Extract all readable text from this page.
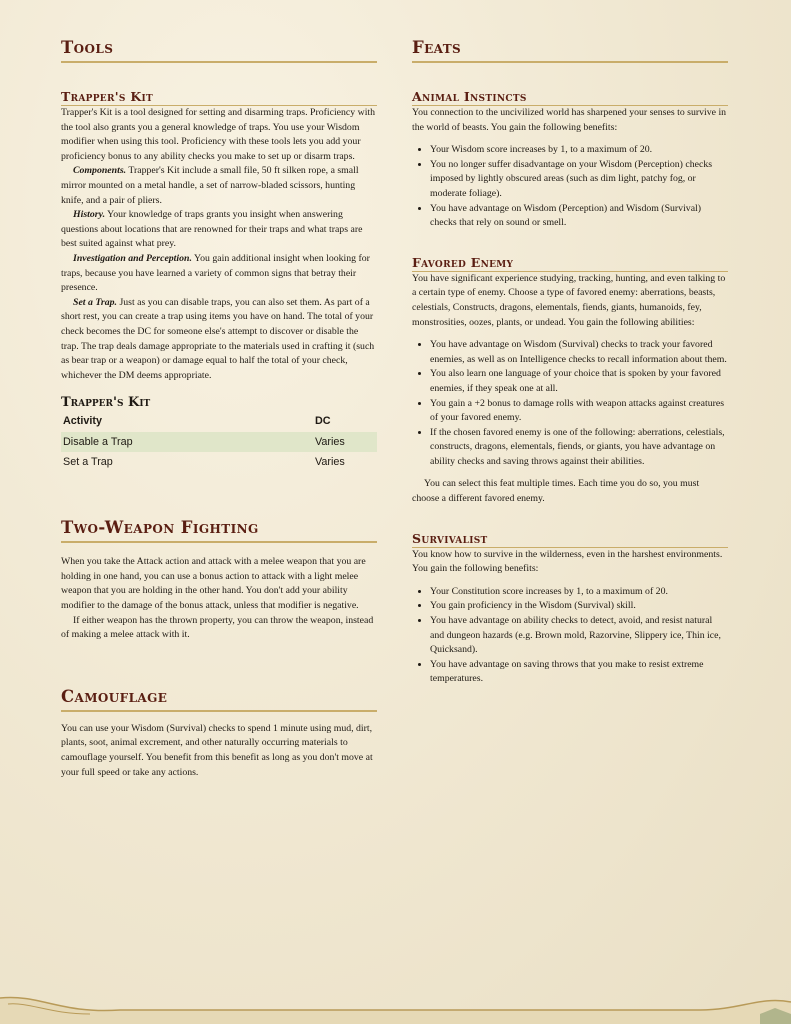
Tools
Trapper's Kit

Trapper's Kit is a tool designed for setting and disarming traps. Proficiency with the tool also grants you a general knowledge of traps. You use your Wisdom modifier when using this tool. Proficiency with these tools lets you add your proficiency bonus to any ability checks you make to set up or disarm traps.

Components. Trapper's Kit include a small file, 50 ft silken rope, a small mirror mounted on a metal handle, a set of narrow-bladed scissors, hunting knife, and a pair of pliers.

History. Your knowledge of traps grants you insight when answering questions about locations that are renowned for their traps and what traps are best suited against what prey.

Investigation and Perception. You gain additional insight when looking for traps, because you have learned a variety of common signs that betray their presence.

Set a Trap. Just as you can disable traps, you can also set them. As part of a short rest, you can create a trap using items you have on hand. The total of your check becomes the DC for someone else's attempt to discover or disable the trap. The trap deals damage appropriate to the materials used in crafting it (such as bear trap or a weapon) or damage equal to half the total of your check, whichever the DM deems appropriate.

Trapper's Kit
Activity	DC
Disable a Trap	Varies
Set a Trap	Varies
Two-Weapon Fighting

When you take the Attack action and attack with a melee weapon that you are holding in one hand, you can use a bonus action to attack with a light melee weapon that you are holding in the other hand. You don't add your ability modifier to the damage of the bonus attack, unless that modifier is negative.

If either weapon has the thrown property, you can throw the weapon, instead of making a melee attack with it.

Camouflage

You can use your Wisdom (Survival) checks to spend 1 minute using mud, dirt, plants, soot, animal excrement, and other naturally occurring materials to camouflage yourself. You benefit from this benefit as long as you don't move at your full speed or take any actions.

Feats
Animal Instincts

You connection to the uncivilized world has sharpened your senses to survive in the world of beasts. You gain the following benefits:

• Your Wisdom score increases by 1, to a maximum of 20.
• You no longer suffer disadvantage on your Wisdom (Perception) checks imposed by lightly obscured areas (such as dim light, patchy fog, or moderate foliage).
• You have advantage on Wisdom (Perception) and Wisdom (Survival) checks that rely on sound or smell.
Favored Enemy

You have significant experience studying, tracking, hunting, and even talking to a certain type of enemy. Choose a type of favored enemy: aberrations, beasts, celestials, Constructs, dragons, elementals, fiends, giants, humanoids, fey, monstrosities, oozes, plants, or undead. You gain the following abilities:

• You have advantage on Wisdom (Survival) checks to track your favored enemies, as well as on Intelligence checks to recall information about them.
• You also learn one language of your choice that is spoken by your favored enemies, if they speak one at all.
• You gain a +2 bonus to damage rolls with weapon attacks against creatures of your favored enemy.
• If the chosen favored enemy is one of the following: aberrations, celestials, constructs, dragons, elementals, fiends, or giants, you have advantage on ability checks and saving throws against their abilities.

You can select this feat multiple times. Each time you do so, you must choose a different favored enemy.

Survivalist

You know how to survive in the wilderness, even in the harshest environments. You gain the following benefits:

• Your Constitution score increases by 1, to a maximum of 20.
• You gain proficiency in the Wisdom (Survival) skill.
• You have advantage on ability checks to detect, avoid, and resist natural and dungeon hazards (e.g. Brown mold, Razorvine, Slippery ice, Thin ice, Quicksand).
• You have advantage on saving throws that you make to resist extreme temperatures.
